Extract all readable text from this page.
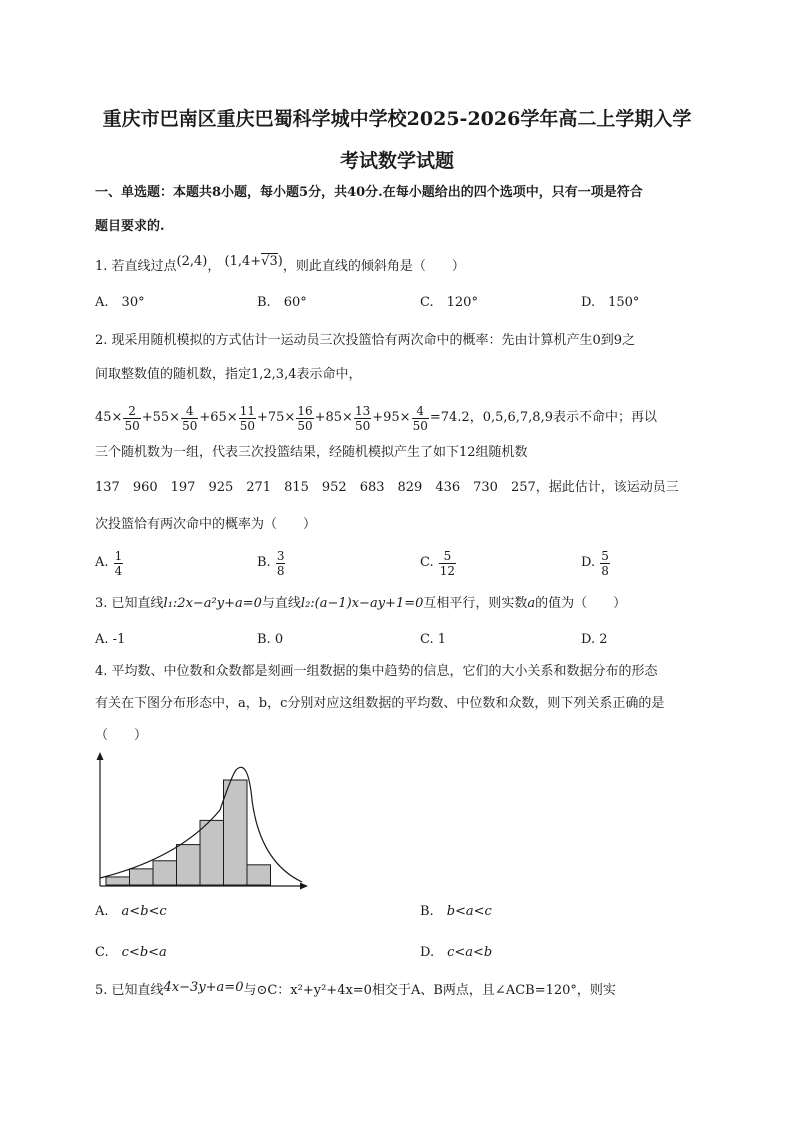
重庆市巴南区重庆巴蜀科学城中学校2025-2026学年高二上学期入学
考试数学试题
一、单选题：本题共8小题，每小题5分，共40分.在每小题给出的四个选项中，只有一项是符合
题目要求的.
1. 若直线过点(2,4)， (1,4+√3)，则此直线的倾斜角是（　　）
A.　 30°	B.　 60°	C.　 120°	D.　 150°
2. 现采用随机模拟的方式估计一运动员三次投篮恰有两次命中的概率：先由计算机产生0到9之
间取整数值的随机数，指定1,2,3,4表示命中，
$45\times \frac{2}{50} + 55\times \frac{4}{50} + 65\times \frac{11}{50} + 75\times \frac{16}{50} + 85\times \frac{13}{50} + 95\times \frac{4}{50} =74.2$ ，0,5,6,7,8,9表示不命中；再以
三个随机数为一组，代表三次投篮结果，经随机模拟产生了如下12组随机数
137　960　197　925　271　815　952　683　829　436　730　257，据此估计，该运动员三
次投篮恰有两次命中的概率为（　　）
A.
$\frac{1}{4}$	B.
$\frac{3}{8}$	C.
$\frac{5}{12}$	D.
$\frac{5}{8}$
3. 已知直线l₁:2x−a²y+a=0与直线l₂:(a−1)x−ay+1=0互相平行，则实数a的值为（　　）
A. -1	B. 0	C. 1	D. 2
4. 平均数、中位数和众数都是刻画一组数据的集中趋势的信息，它们的大小关系和数据分布的形态
有关在下图分布形态中，a，b，c分别对应这组数据的平均数、中位数和众数，则下列关系正确的是
（　　）
A.　 a<b<c	B.　 b<a<c
C.　 c<b<a	D.　 c<a<b
5. 已知直线4x−3y+a=0与⊙C：x²+y²+4x=0相交于A、B两点，且∠ACB=120°，则实
